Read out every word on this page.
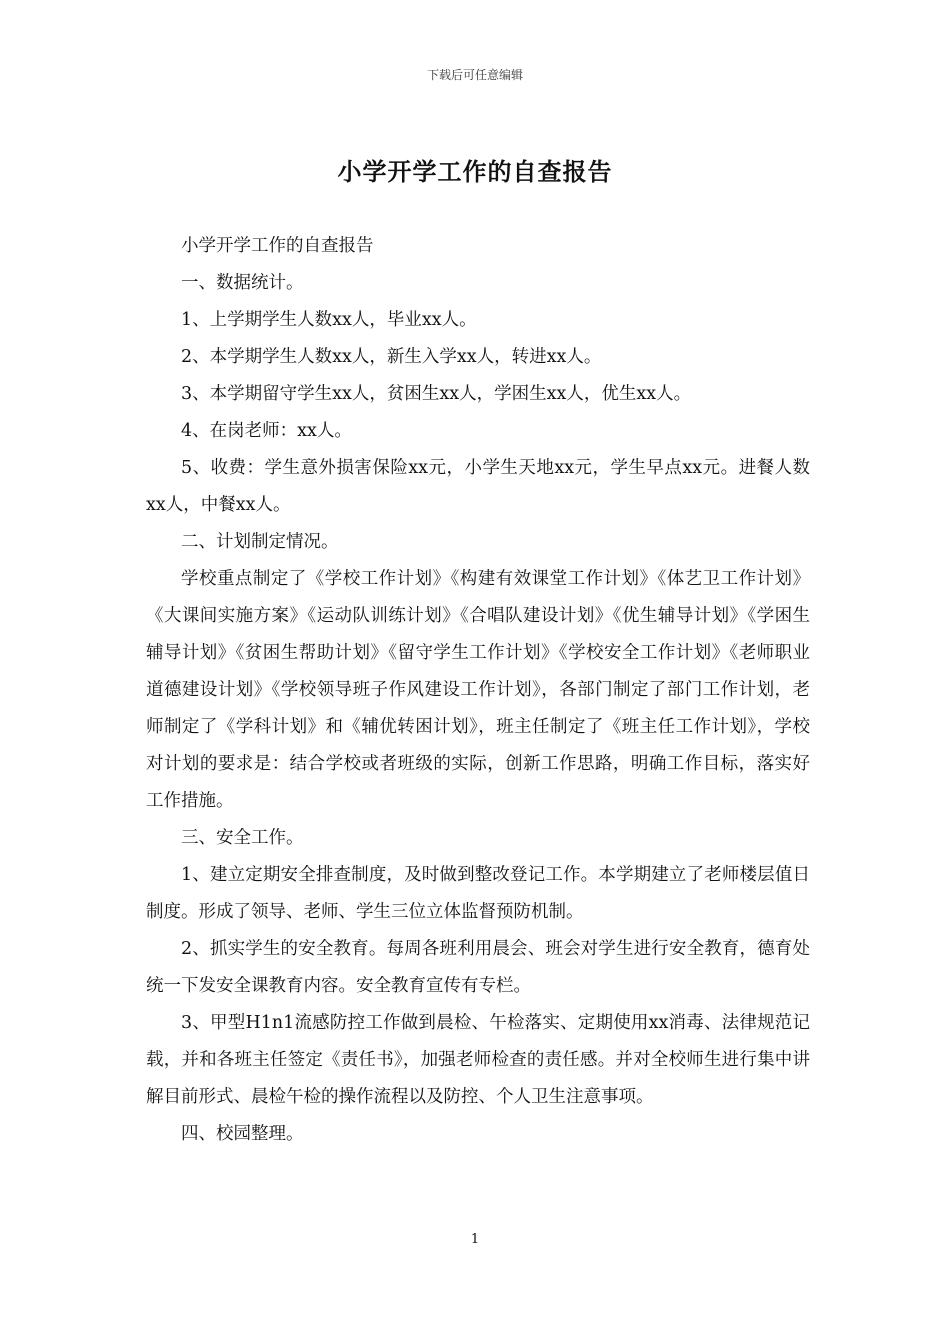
下载后可任意编辑
小学开学工作的自查报告

小学开学工作的自查报告

一、数据统计。

1、上学期学生人数xx人，毕业xx人。

2、本学期学生人数xx人，新生入学xx人，转进xx人。

3、本学期留守学生xx人，贫困生xx人，学困生xx人，优生xx人。

4、在岗老师：xx人。

5、收费：学生意外损害保险xx元，小学生天地xx元，学生早点xx元。进餐人数xx人，中餐xx人。

二、计划制定情况。

学校重点制定了《学校工作计划》《构建有效课堂工作计划》《体艺卫工作计划》《大课间实施方案》《运动队训练计划》《合唱队建设计划》《优生辅导计划》《学困生辅导计划》《贫困生帮助计划》《留守学生工作计划》《学校安全工作计划》《老师职业道德建设计划》《学校领导班子作风建设工作计划》，各部门制定了部门工作计划，老师制定了《学科计划》和《辅优转困计划》，班主任制定了《班主任工作计划》，学校对计划的要求是：结合学校或者班级的实际，创新工作思路，明确工作目标，落实好工作措施。

三、安全工作。

1、建立定期安全排查制度，及时做到整改登记工作。本学期建立了老师楼层值日制度。形成了领导、老师、学生三位立体监督预防机制。

2、抓实学生的安全教育。每周各班利用晨会、班会对学生进行安全教育，德育处统一下发安全课教育内容。安全教育宣传有专栏。

3、甲型H1n1流感防控工作做到晨检、午检落实、定期使用xx消毒、法律规范记载，并和各班主任签定《责任书》，加强老师检查的责任感。并对全校师生进行集中讲解目前形式、晨检午检的操作流程以及防控、个人卫生注意事项。

四、校园整理。

1
